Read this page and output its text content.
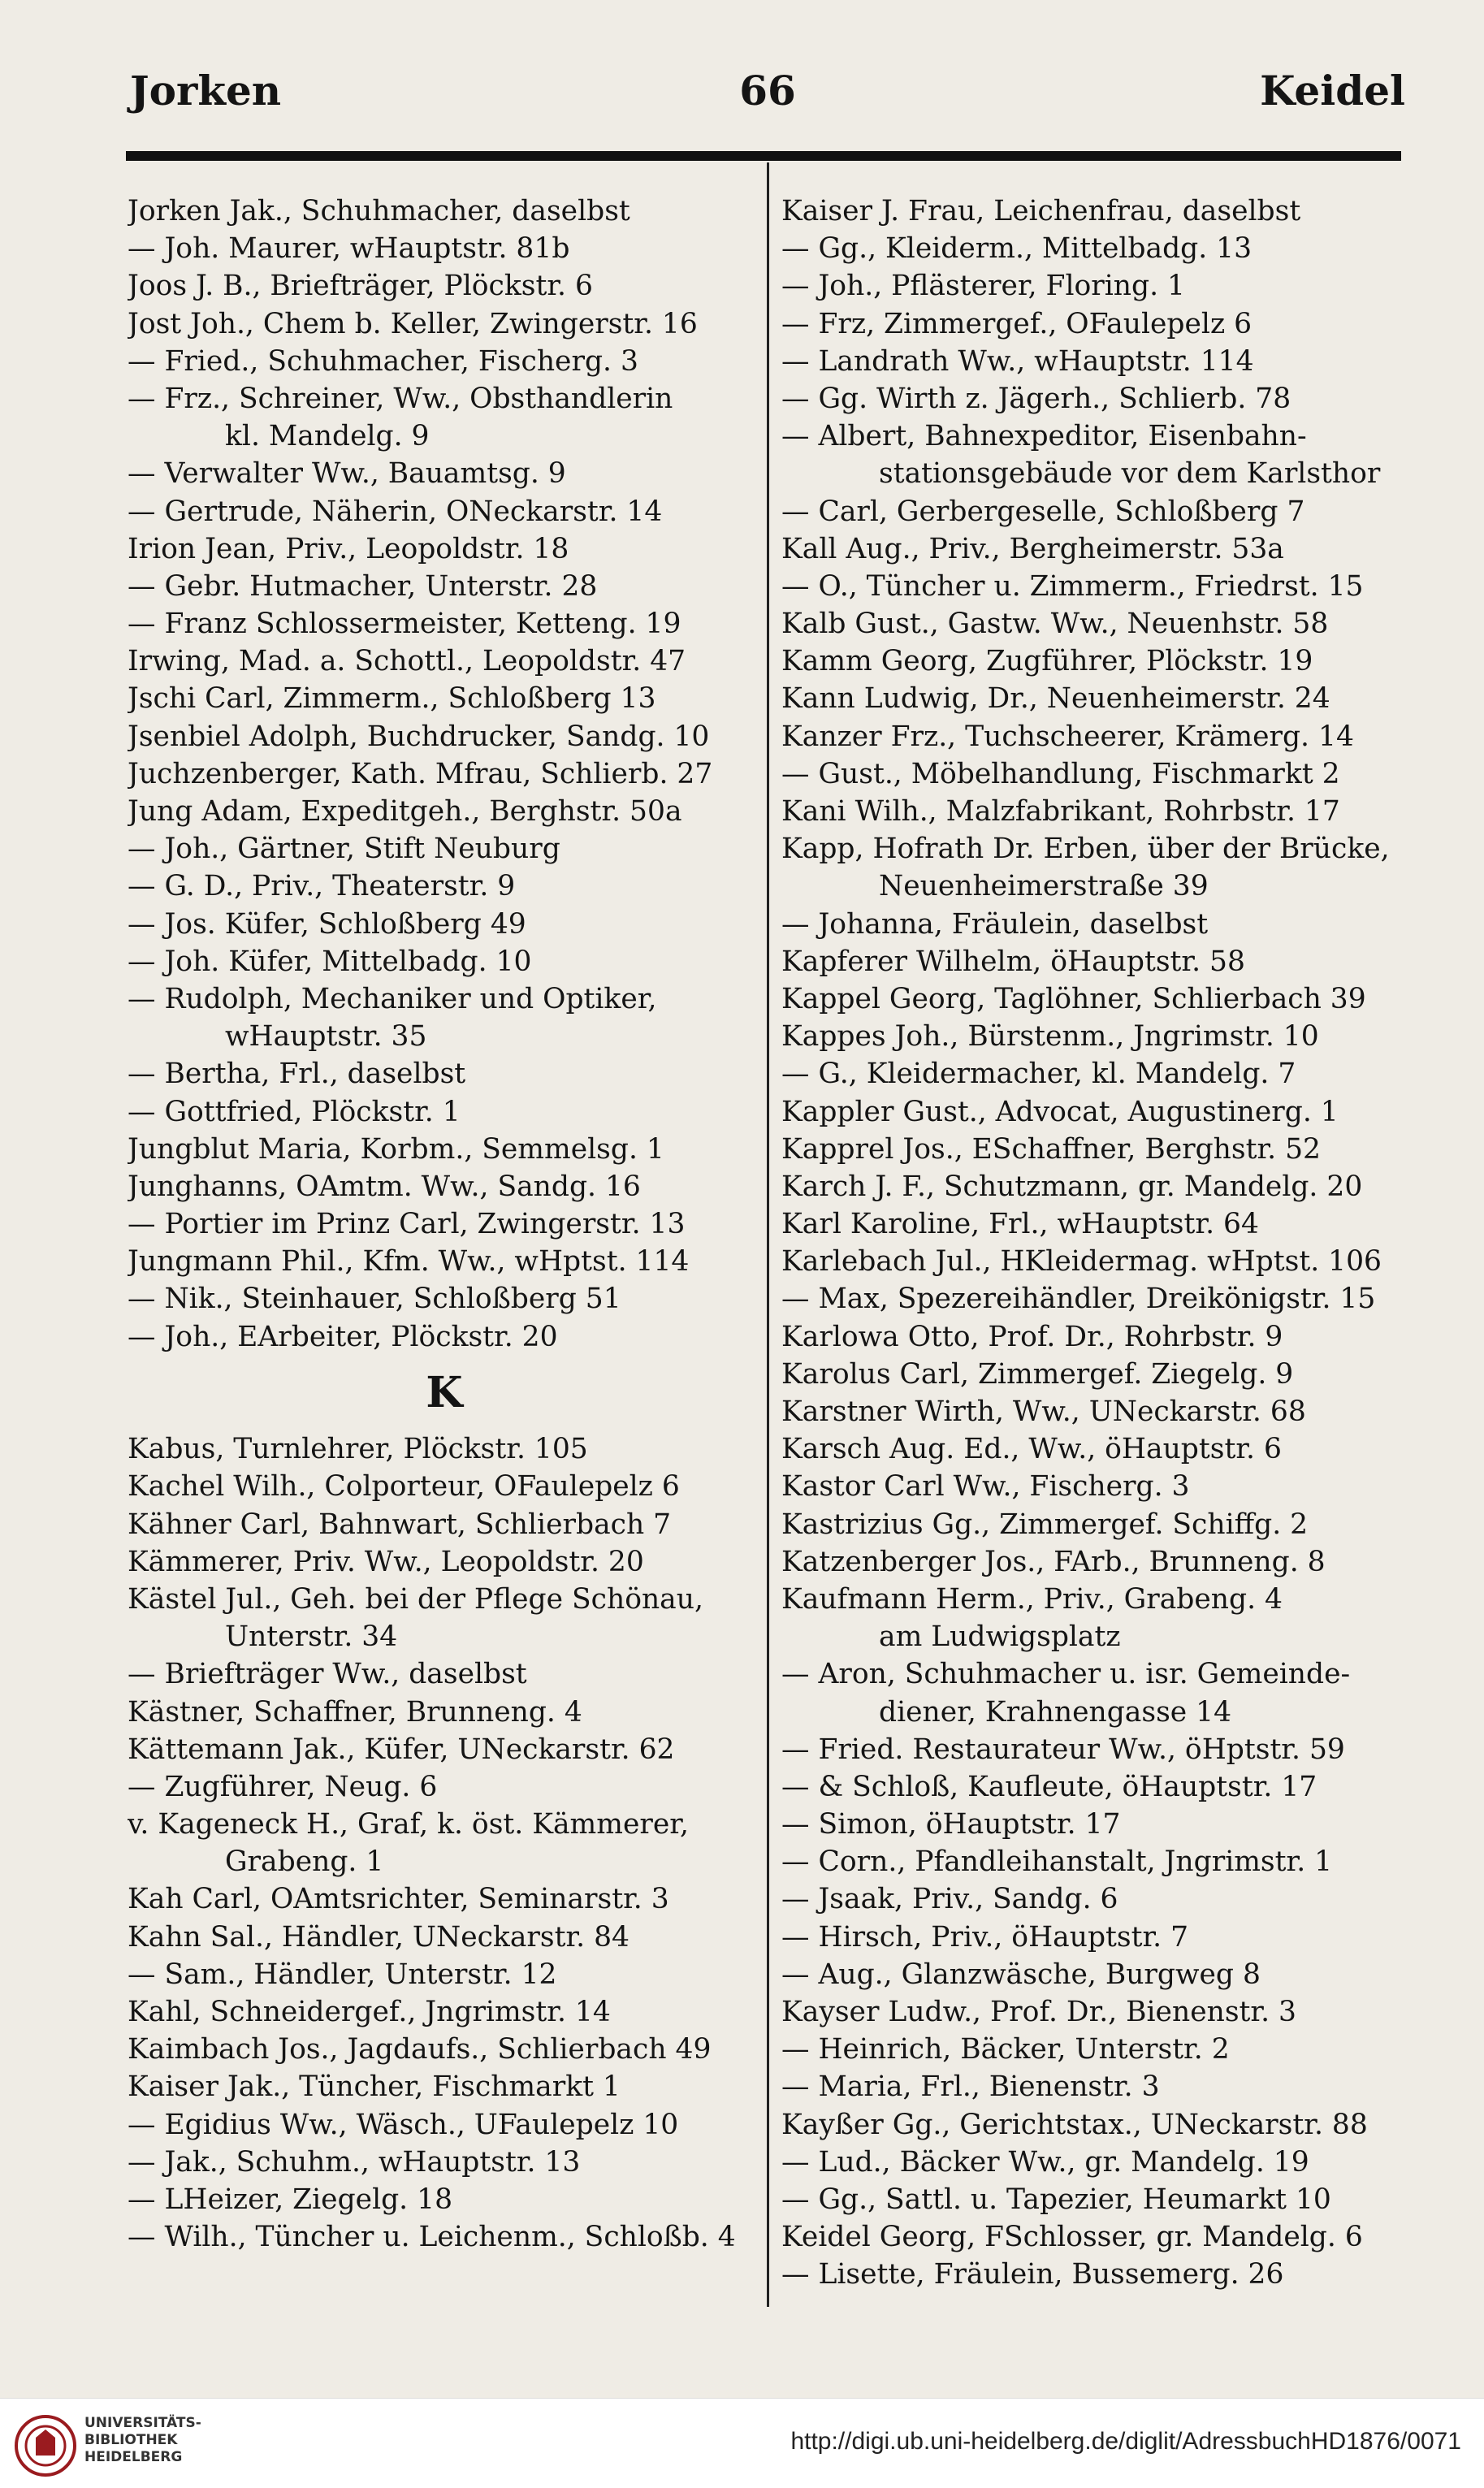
Jorken	66	Keidel
Jorken Jak., Schuhmacher, daselbst
— Joh. Maurer, wHauptstr. 81b
Joos J. B., Briefträger, Plöckstr. 6
Jost Joh., Chem b. Keller, Zwingerstr. 16
— Fried., Schuhmacher, Fischerg. 3
— Frz., Schreiner, Ww., Obsthandlerin
kl. Mandelg. 9
— Verwalter Ww., Bauamtsg. 9
— Gertrude, Näherin, ONeckarstr. 14
Irion Jean, Priv., Leopoldstr. 18
— Gebr. Hutmacher, Unterstr. 28
— Franz Schlossermeister, Ketteng. 19
Irwing, Mad. a. Schottl., Leopoldstr. 47
Jschi Carl, Zimmerm., Schloßberg 13
Jsenbiel Adolph, Buchdrucker, Sandg. 10
Juchzenberger, Kath. Mfrau, Schlierb. 27
Jung Adam, Expeditgeh., Berghstr. 50a
— Joh., Gärtner, Stift Neuburg
— G. D., Priv., Theaterstr. 9
— Jos. Küfer, Schloßberg 49
— Joh. Küfer, Mittelbadg. 10
— Rudolph, Mechaniker und Optiker,
wHauptstr. 35
— Bertha, Frl., daselbst
— Gottfried, Plöckstr. 1
Jungblut Maria, Korbm., Semmelsg. 1
Junghanns, OAmtm. Ww., Sandg. 16
— Portier im Prinz Carl, Zwingerstr. 13
Jungmann Phil., Kfm. Ww., wHptst. 114
— Nik., Steinhauer, Schloßberg 51
— Joh., EArbeiter, Plöckstr. 20
K
Kabus, Turnlehrer, Plöckstr. 105
Kachel Wilh., Colporteur, OFaulepelz 6
Kähner Carl, Bahnwart, Schlierbach 7
Kämmerer, Priv. Ww., Leopoldstr. 20
Kästel Jul., Geh. bei der Pflege Schönau,
Unterstr. 34
— Briefträger Ww., daselbst
Kästner, Schaffner, Brunneng. 4
Kättemann Jak., Küfer, UNeckarstr. 62
— Zugführer, Neug. 6
v. Kageneck H., Graf, k. öst. Kämmerer,
Grabeng. 1
Kah Carl, OAmtsrichter, Seminarstr. 3
Kahn Sal., Händler, UNeckarstr. 84
— Sam., Händler, Unterstr. 12
Kahl, Schneidergef., Jngrimstr. 14
Kaimbach Jos., Jagdaufs., Schlierbach 49
Kaiser Jak., Tüncher, Fischmarkt 1
— Egidius Ww., Wäsch., UFaulepelz 10
— Jak., Schuhm., wHauptstr. 13
— LHeizer, Ziegelg. 18
— Wilh., Tüncher u. Leichenm., Schloßb. 4
Kaiser J. Frau, Leichenfrau, daselbst
— Gg., Kleiderm., Mittelbadg. 13
— Joh., Pflästerer, Floring. 1
— Frz, Zimmergef., OFaulepelz 6
— Landrath Ww., wHauptstr. 114
— Gg. Wirth z. Jägerh., Schlierb. 78
— Albert, Bahnexpeditor, Eisenbahn-
stationsgebäude vor dem Karlsthor
— Carl, Gerbergeselle, Schloßberg 7
Kall Aug., Priv., Bergheimerstr. 53a
— O., Tüncher u. Zimmerm., Friedrst. 15
Kalb Gust., Gastw. Ww., Neuenhstr. 58
Kamm Georg, Zugführer, Plöckstr. 19
Kann Ludwig, Dr., Neuenheimerstr. 24
Kanzer Frz., Tuchscheerer, Krämerg. 14
— Gust., Möbelhandlung, Fischmarkt 2
Kani Wilh., Malzfabrikant, Rohrbstr. 17
Kapp, Hofrath Dr. Erben, über der Brücke,
Neuenheimerstraße 39
— Johanna, Fräulein, daselbst
Kapferer Wilhelm, öHauptstr. 58
Kappel Georg, Taglöhner, Schlierbach 39
Kappes Joh., Bürstenm., Jngrimstr. 10
— G., Kleidermacher, kl. Mandelg. 7
Kappler Gust., Advocat, Augustinerg. 1
Kapprel Jos., ESchaffner, Berghstr. 52
Karch J. F., Schutzmann, gr. Mandelg. 20
Karl Karoline, Frl., wHauptstr. 64
Karlebach Jul., HKleidermag. wHptst. 106
— Max, Spezereihändler, Dreikönigstr. 15
Karlowa Otto, Prof. Dr., Rohrbstr. 9
Karolus Carl, Zimmergef. Ziegelg. 9
Karstner Wirth, Ww., UNeckarstr. 68
Karsch Aug. Ed., Ww., öHauptstr. 6
Kastor Carl Ww., Fischerg. 3
Kastrizius Gg., Zimmergef. Schiffg. 2
Katzenberger Jos., FArb., Brunneng. 8
Kaufmann Herm., Priv., Grabeng. 4
am Ludwigsplatz
— Aron, Schuhmacher u. isr. Gemeinde-
diener, Krahnengasse 14
— Fried. Restaurateur Ww., öHptstr. 59
— & Schloß, Kaufleute, öHauptstr. 17
— Simon, öHauptstr. 17
— Corn., Pfandleihanstalt, Jngrimstr. 1
— Jsaak, Priv., Sandg. 6
— Hirsch, Priv., öHauptstr. 7
— Aug., Glanzwäsche, Burgweg 8
Kayser Ludw., Prof. Dr., Bienenstr. 3
— Heinrich, Bäcker, Unterstr. 2
— Maria, Frl., Bienenstr. 3
Kayßer Gg., Gerichtstax., UNeckarstr. 88
— Lud., Bäcker Ww., gr. Mandelg. 19
— Gg., Sattl. u. Tapezier, Heumarkt 10
Keidel Georg, FSchlosser, gr. Mandelg. 6
— Lisette, Fräulein, Bussemerg. 26
UNIVERSITÄTS-
BIBLIOTHEK
HEIDELBERG
http://digi.ub.uni-heidelberg.de/diglit/AdressbuchHD1876/0071
